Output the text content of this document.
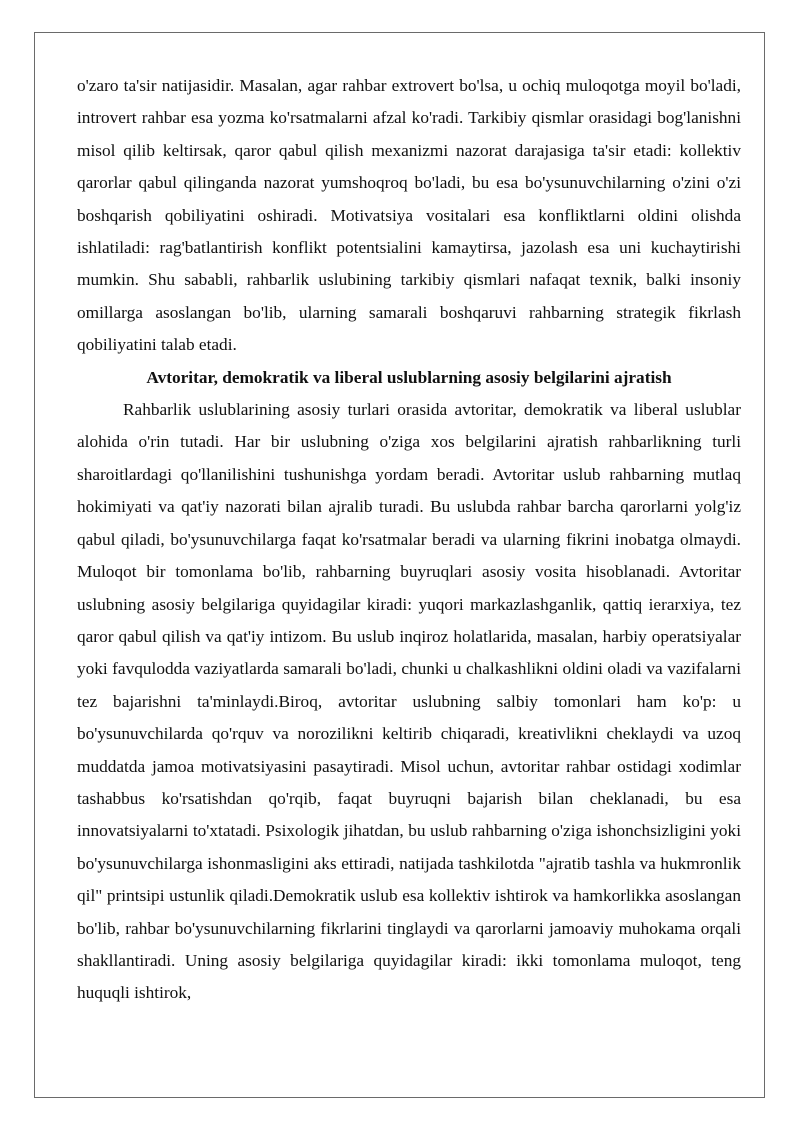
o'zaro ta'sir natijasidir. Masalan, agar rahbar extrovert bo'lsa, u ochiq muloqotga moyil bo'ladi, introvert rahbar esa yozma ko'rsatmalarni afzal ko'radi. Tarkibiy qismlar orasidagi bog'lanishni misol qilib keltirsak, qaror qabul qilish mexanizmi nazorat darajasiga ta'sir etadi: kollektiv qarorlar qabul qilinganda nazorat yumshoqroq bo'ladi, bu esa bo'ysunuvchilarning o'zini o'zi boshqarish qobiliyatini oshiradi. Motivatsiya vositalari esa konfliktlarni oldini olishda ishlatiladi: rag'batlantirish konflikt potentsialini kamaytirsa, jazolash esa uni kuchaytirishi mumkin. Shu sababli, rahbarlik uslubining tarkibiy qismlari nafaqat texnik, balki insoniy omillarga asoslangan bo'lib, ularning samarali boshqaruvi rahbarning strategik fikrlash qobiliyatini talab etadi.

Avtoritar, demokratik va liberal uslublarning asosiy belgilarini ajratish

Rahbarlik uslublarining asosiy turlari orasida avtoritar, demokratik va liberal uslublar alohida o'rin tutadi. Har bir uslubning o'ziga xos belgilarini ajratish rahbarlikning turli sharoitlardagi qo'llanilishini tushunishga yordam beradi. Avtoritar uslub rahbarning mutlaq hokimiyati va qat'iy nazorati bilan ajralib turadi. Bu uslubda rahbar barcha qarorlarni yolg'iz qabul qiladi, bo'ysunuvchilarga faqat ko'rsatmalar beradi va ularning fikrini inobatga olmaydi. Muloqot bir tomonlama bo'lib, rahbarning buyruqlari asosiy vosita hisoblanadi. Avtoritar uslubning asosiy belgilariga quyidagilar kiradi: yuqori markazlashganlik, qattiq ierarxiya, tez qaror qabul qilish va qat'iy intizom. Bu uslub inqiroz holatlarida, masalan, harbiy operatsiyalar yoki favqulodda vaziyatlarda samarali bo'ladi, chunki u chalkashlikni oldini oladi va vazifalarni tez bajarishni ta'minlaydi.Biroq, avtoritar uslubning salbiy tomonlari ham ko'p: u bo'ysunuvchilarda qo'rquv va norozilikni keltirib chiqaradi, kreativlikni cheklaydi va uzoq muddatda jamoa motivatsiyasini pasaytiradi. Misol uchun, avtoritar rahbar ostidagi xodimlar tashabbus ko'rsatishdan qo'rqib, faqat buyruqni bajarish bilan cheklanadi, bu esa innovatsiyalarni to'xtatadi. Psixologik jihatdan, bu uslub rahbarning o'ziga ishonchsizligini yoki bo'ysunuvchilarga ishonmasligini aks ettiradi, natijada tashkilotda "ajratib tashla va hukmronlik qil" printsipi ustunlik qiladi.Demokratik uslub esa kollektiv ishtirok va hamkorlikka asoslangan bo'lib, rahbar bo'ysunuvchilarning fikrlarini tinglaydi va qarorlarni jamoaviy muhokama orqali shakllantiradi. Uning asosiy belgilariga quyidagilar kiradi: ikki tomonlama muloqot, teng huquqli ishtirok,
